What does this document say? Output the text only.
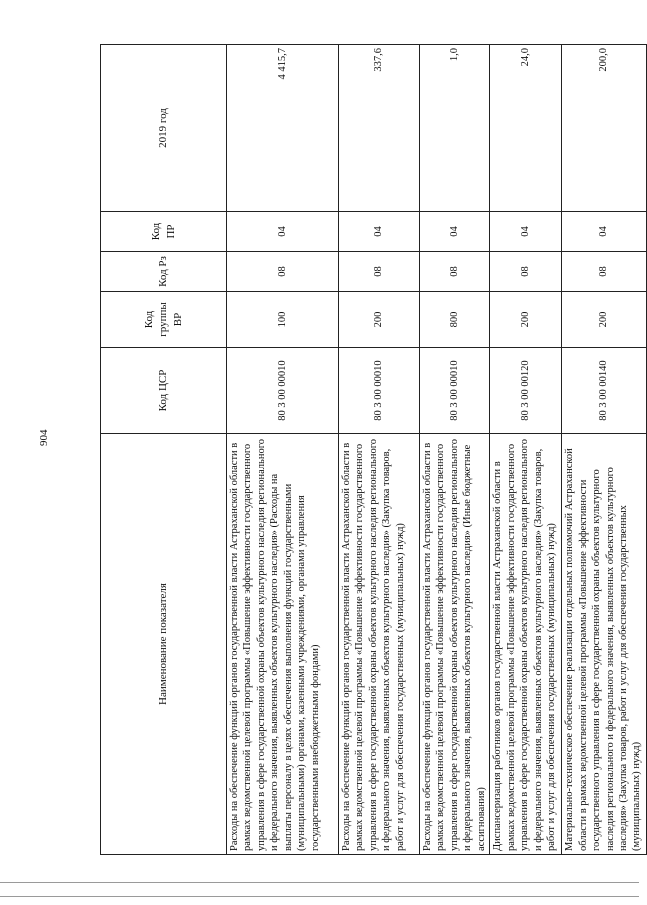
904
Наименование показателя	Код ЦСР	Код группы ВР	Код Рз	Код ПР	2019 год
Расходы на обеспечение функций органов государственной власти Астраханской области в рамках ведомственной целевой программы «Повышение эффективности государственного управления в сфере государственной охраны объектов культурного наследия регионального и федерального значения, выявленных объектов культурного наследия» (Расходы на выплаты персоналу в целях обеспечения выполнения функций государственными (муниципальными) органами, казенными учреждениями, органами управления государственными внебюджетными фондами)	80 3 00 00010	100	08	04	4 415,7
Расходы на обеспечение функций органов государственной власти Астраханской области в рамках ведомственной целевой программы «Повышение эффективности государственного управления в сфере государственной охраны объектов культурного наследия регионального и федерального значения, выявленных объектов культурного наследия» (Закупка товаров, работ и услуг для обеспечения государственных (муниципальных) нужд)	80 3 00 00010	200	08	04	337,6
Расходы на обеспечение функций органов государственной власти Астраханской области в рамках ведомственной целевой программы «Повышение эффективности государственного управления в сфере государственной охраны объектов культурного наследия регионального и федерального значения, выявленных объектов культурного наследия» (Иные бюджетные ассигнования)	80 3 00 00010	800	08	04	1,0
Диспансеризация работников органов государственной власти Астраханской области в рамках ведомственной целевой программы «Повышение эффективности государственного управления в сфере государственной охраны объектов культурного наследия регионального и федерального значения, выявленных объектов культурного наследия» (Закупка товаров, работ и услуг для обеспечения государственных (муниципальных) нужд)	80 3 00 00120	200	08	04	24,0
Материально-техническое обеспечение реализации отдельных полномочий Астраханской области в рамках ведомственной целевой программы «Повышение эффективности государственного управления в сфере государственной охраны объектов культурного наследия регионального и федерального значения, выявленных объектов культурного наследия» (Закупка товаров, работ и услуг для обеспечения государственных (муниципальных) нужд)	80 3 00 00140	200	08	04	200,0
